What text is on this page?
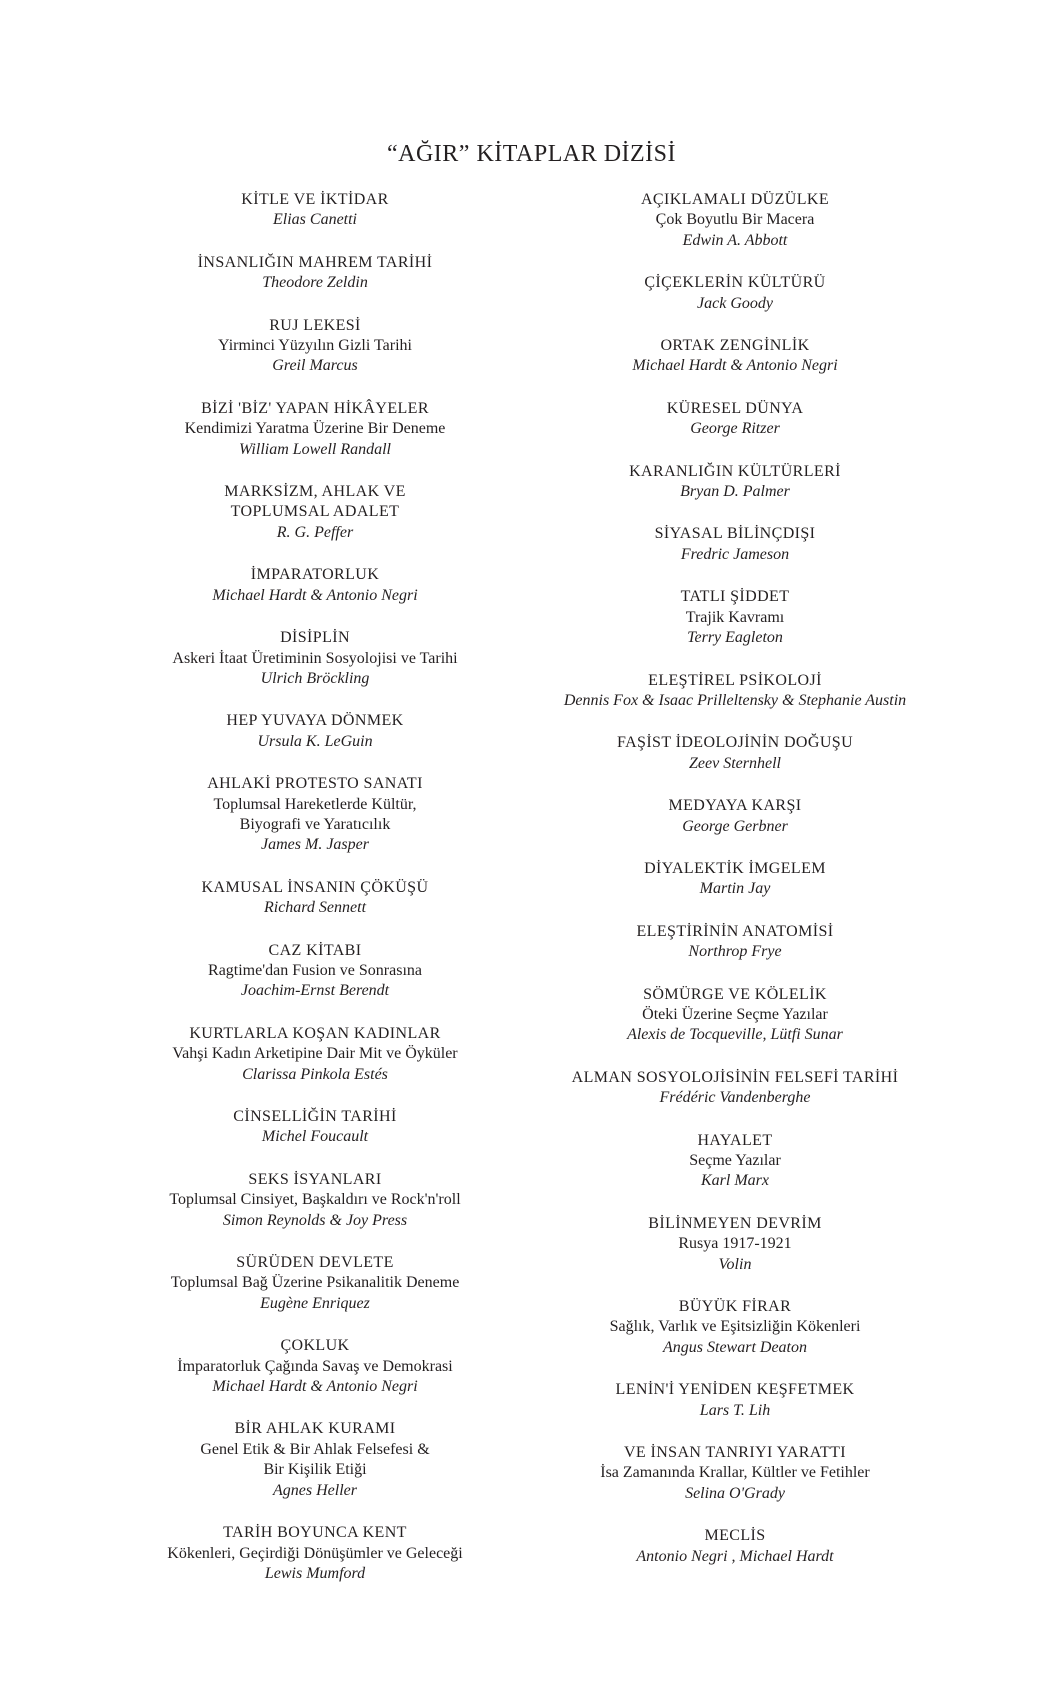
“AĞIR” KİTAPLAR DİZİSİ
KİTLE VE İKTİDAR
Elias Canetti
İNSANLIĞIN MAHREM TARİHİ
Theodore Zeldin
RUJ LEKESİ
Yirminci Yüzyılın Gizli Tarihi
Greil Marcus
BİZİ 'BİZ' YAPAN HİKÂYELER
Kendimizi Yaratma Üzerine Bir Deneme
William Lowell Randall
MARKSİZM, AHLAK VE
TOPLUMSAL ADALET
R. G. Peffer
İMPARATORLUK
Michael Hardt & Antonio Negri
DİSİPLİN
Askeri İtaat Üretiminin Sosyolojisi ve Tarihi
Ulrich Bröckling
HEP YUVAYA DÖNMEK
Ursula K. LeGuin
AHLAKİ PROTESTO SANATI
Toplumsal Hareketlerde Kültür,
Biyografi ve Yaratıcılık
James M. Jasper
KAMUSAL İNSANIN ÇÖKÜŞÜ
Richard Sennett
CAZ KİTABI
Ragtime'dan Fusion ve Sonrasına
Joachim-Ernst Berendt
KURTLARLA KOŞAN KADINLAR
Vahşi Kadın Arketipine Dair Mit ve Öyküler
Clarissa Pinkola Estés
CİNSELLİĞİN TARİHİ
Michel Foucault
SEKS İSYANLARI
Toplumsal Cinsiyet, Başkaldırı ve Rock'n'roll
Simon Reynolds & Joy Press
SÜRÜDEN DEVLETE
Toplumsal Bağ Üzerine Psikanalitik Deneme
Eugène Enriquez
ÇOKLUK
İmparatorluk Çağında Savaş ve Demokrasi
Michael Hardt & Antonio Negri
BİR AHLAK KURAMI
Genel Etik & Bir Ahlak Felsefesi &
Bir Kişilik Etiği
Agnes Heller
TARİH BOYUNCA KENT
Kökenleri, Geçirdiği Dönüşümler ve Geleceği
Lewis Mumford
AÇIKLAMALI DÜZÜLKE
Çok Boyutlu Bir Macera
Edwin A. Abbott
ÇİÇEKLERİN KÜLTÜRÜ
Jack Goody
ORTAK ZENGİNLİK
Michael Hardt & Antonio Negri
KÜRESEL DÜNYA
George Ritzer
KARANLIĞIN KÜLTÜRLERİ
Bryan D. Palmer
SİYASAL BİLİNÇDIŞI
Fredric Jameson
TATLI ŞİDDET
Trajik Kavramı
Terry Eagleton
ELEŞTİREL PSİKOLOJİ
Dennis Fox & Isaac Prilleltensky & Stephanie Austin
FAŞİST İDEOLOJİNİN DOĞUŞU
Zeev Sternhell
MEDYAYA KARŞI
George Gerbner
DİYALEKTİK İMGELEM
Martin Jay
ELEŞTİRİNİN ANATOMİSİ
Northrop Frye
SÖMÜRGE VE KÖLELİK
Öteki Üzerine Seçme Yazılar
Alexis de Tocqueville, Lütfi Sunar
ALMAN SOSYOLOJİSİNİN FELSEFİ TARİHİ
Frédéric Vandenberghe
HAYALET
Seçme Yazılar
Karl Marx
BİLİNMEYEN DEVRİM
Rusya 1917-1921
Volin
BÜYÜK FİRAR
Sağlık, Varlık ve Eşitsizliğin Kökenleri
Angus Stewart Deaton
LENİN'İ YENİDEN KEŞFETMEK
Lars T. Lih
VE İNSAN TANRIYI YARATTI
İsa Zamanında Krallar, Kültler ve Fetihler
Selina O'Grady
MECLİS
Antonio Negri , Michael Hardt
